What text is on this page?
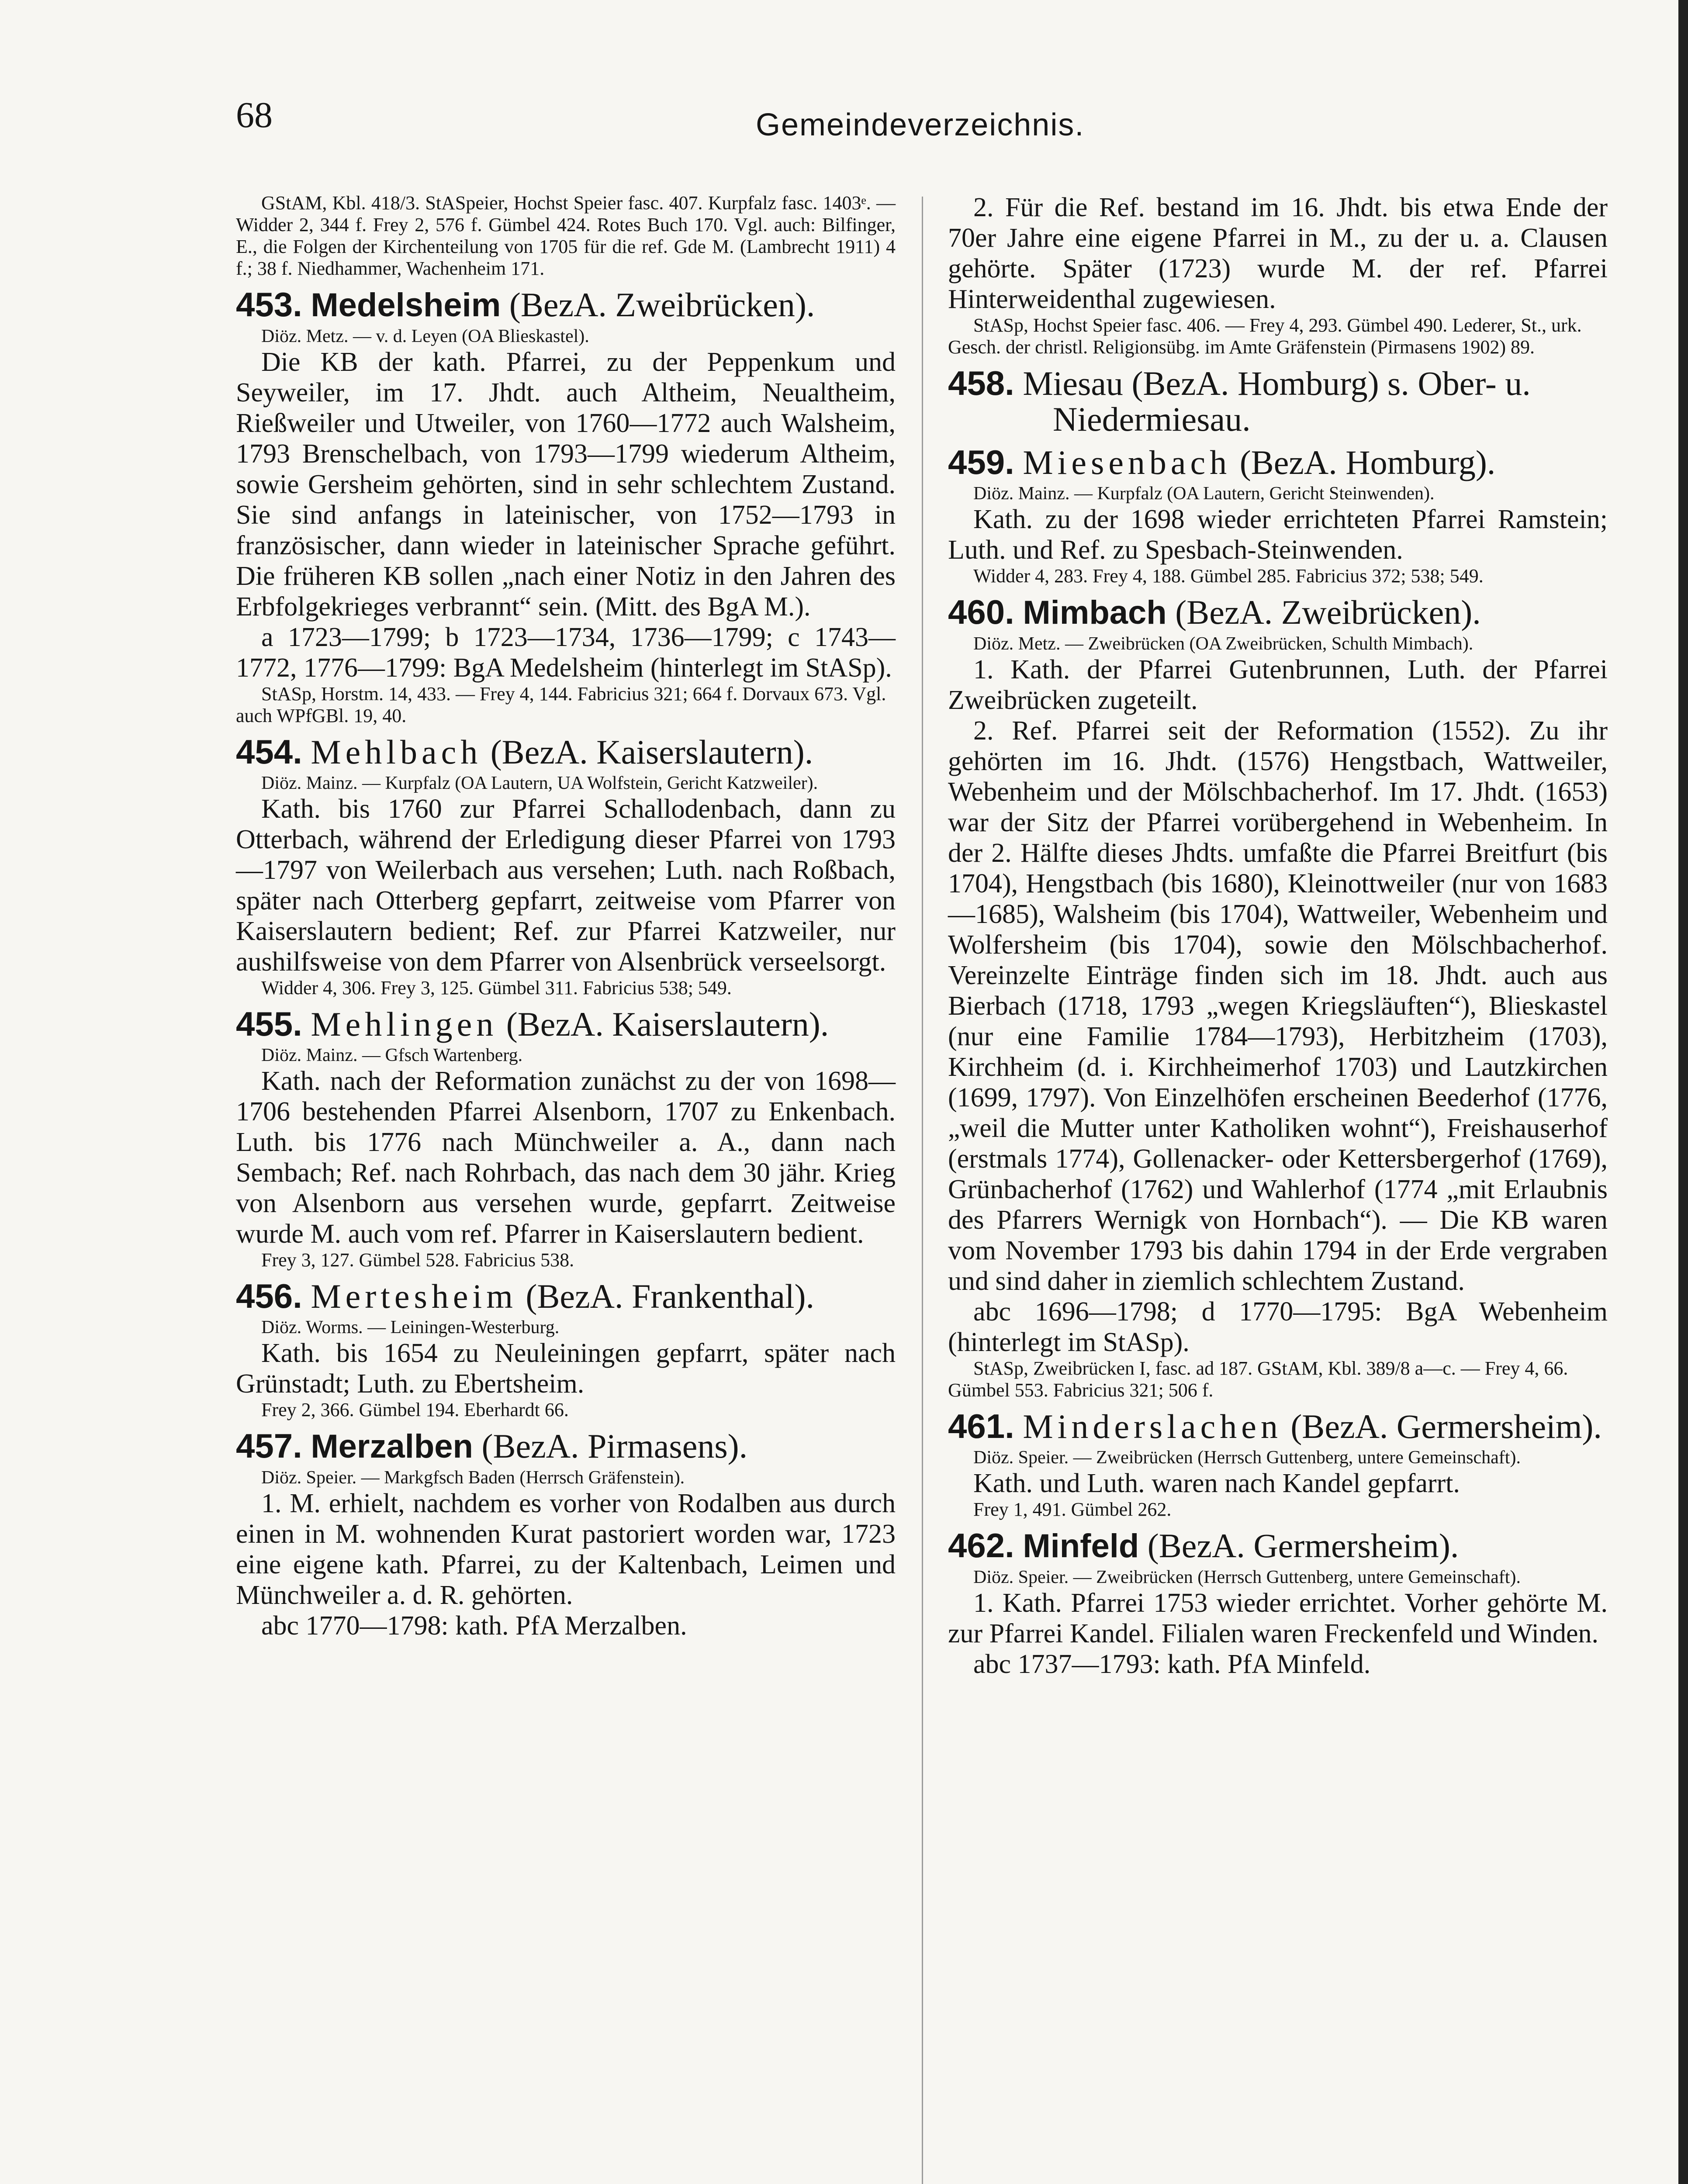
68	Gemeindeverzeichnis.

GStAM, Kbl. 418/3. StASpeier, Hochst Speier fasc. 407. Kurpfalz fasc. 1403ᵉ. — Widder 2, 344 f. Frey 2, 576 f. Gümbel 424. Rotes Buch 170. Vgl. auch: Bilfinger, E., die Folgen der Kirchenteilung von 1705 für die ref. Gde M. (Lambrecht 1911) 4 f.; 38 f. Niedhammer, Wachenheim 171.

453. Medelsheim (BezA. Zweibrücken).

Diöz. Metz. — v. d. Leyen (OA Blieskastel).

Die KB der kath. Pfarrei, zu der Peppenkum und Seyweiler, im 17. Jhdt. auch Altheim, Neualtheim, Rießweiler und Utweiler, von 1760—1772 auch Walsheim, 1793 Brenschelbach, von 1793—1799 wiederum Altheim, sowie Gersheim gehörten, sind in sehr schlechtem Zustand. Sie sind anfangs in lateinischer, von 1752—1793 in französischer, dann wieder in lateinischer Sprache geführt. Die früheren KB sollen „nach einer Notiz in den Jahren des Erbfolgekrieges verbrannt“ sein. (Mitt. des BgA M.).

a 1723—1799; b 1723—1734, 1736—1799; c 1743—1772, 1776—1799: BgA Medelsheim (hinterlegt im StASp).

StASp, Horstm. 14, 433. — Frey 4, 144. Fabricius 321; 664 f. Dorvaux 673. Vgl. auch WPfGBl. 19, 40.

454. Mehlbach (BezA. Kaiserslautern).

Diöz. Mainz. — Kurpfalz (OA Lautern, UA Wolfstein, Gericht Katzweiler).

Kath. bis 1760 zur Pfarrei Schallodenbach, dann zu Otterbach, während der Erledigung dieser Pfarrei von 1793—1797 von Weilerbach aus versehen; Luth. nach Roßbach, später nach Otterberg gepfarrt, zeitweise vom Pfarrer von Kaiserslautern bedient; Ref. zur Pfarrei Katzweiler, nur aushilfsweise von dem Pfarrer von Alsenbrück verseelsorgt.

Widder 4, 306. Frey 3, 125. Gümbel 311. Fabricius 538; 549.

455. Mehlingen (BezA. Kaiserslautern).

Diöz. Mainz. — Gfsch Wartenberg.

Kath. nach der Reformation zunächst zu der von 1698—1706 bestehenden Pfarrei Alsenborn, 1707 zu Enkenbach. Luth. bis 1776 nach Münchweiler a. A., dann nach Sembach; Ref. nach Rohrbach, das nach dem 30 jähr. Krieg von Alsenborn aus versehen wurde, gepfarrt. Zeitweise wurde M. auch vom ref. Pfarrer in Kaiserslautern bedient.

Frey 3, 127. Gümbel 528. Fabricius 538.

456. Mertesheim (BezA. Frankenthal).

Diöz. Worms. — Leiningen-Westerburg.

Kath. bis 1654 zu Neuleiningen gepfarrt, später nach Grünstadt; Luth. zu Ebertsheim.

Frey 2, 366. Gümbel 194. Eberhardt 66.

457. Merzalben (BezA. Pirmasens).

Diöz. Speier. — Markgfsch Baden (Herrsch Gräfenstein).

1. M. erhielt, nachdem es vorher von Rodalben aus durch einen in M. wohnenden Kurat pastoriert worden war, 1723 eine eigene kath. Pfarrei, zu der Kaltenbach, Leimen und Münchweiler a. d. R. gehörten.

abc 1770—1798: kath. PfA Merzalben.

2. Für die Ref. bestand im 16. Jhdt. bis etwa Ende der 70er Jahre eine eigene Pfarrei in M., zu der u. a. Clausen gehörte. Später (1723) wurde M. der ref. Pfarrei Hinterweidenthal zugewiesen.

StASp, Hochst Speier fasc. 406. — Frey 4, 293. Gümbel 490. Lederer, St., urk. Gesch. der christl. Religionsübg. im Amte Gräfenstein (Pirmasens 1902) 89.

458. Miesau (BezA. Homburg) s. Ober- u. Niedermiesau.

459. Miesenbach (BezA. Homburg).

Diöz. Mainz. — Kurpfalz (OA Lautern, Gericht Steinwenden).

Kath. zu der 1698 wieder errichteten Pfarrei Ramstein; Luth. und Ref. zu Spesbach-Steinwenden.

Widder 4, 283. Frey 4, 188. Gümbel 285. Fabricius 372; 538; 549.

460. Mimbach (BezA. Zweibrücken).

Diöz. Metz. — Zweibrücken (OA Zweibrücken, Schulth Mimbach).

1. Kath. der Pfarrei Gutenbrunnen, Luth. der Pfarrei Zweibrücken zugeteilt.

2. Ref. Pfarrei seit der Reformation (1552). Zu ihr gehörten im 16. Jhdt. (1576) Hengstbach, Wattweiler, Webenheim und der Mölschbacherhof. Im 17. Jhdt. (1653) war der Sitz der Pfarrei vorübergehend in Webenheim. In der 2. Hälfte dieses Jhdts. umfaßte die Pfarrei Breitfurt (bis 1704), Hengstbach (bis 1680), Kleinottweiler (nur von 1683—1685), Walsheim (bis 1704), Wattweiler, Webenheim und Wolfersheim (bis 1704), sowie den Mölschbacherhof. Vereinzelte Einträge finden sich im 18. Jhdt. auch aus Bierbach (1718, 1793 „wegen Kriegsläuften“), Blieskastel (nur eine Familie 1784—1793), Herbitzheim (1703), Kirchheim (d. i. Kirchheimerhof 1703) und Lautzkirchen (1699, 1797). Von Einzelhöfen erscheinen Beederhof (1776, „weil die Mutter unter Katholiken wohnt“), Freishauserhof (erstmals 1774), Gollenacker- oder Kettersbergerhof (1769), Grünbacherhof (1762) und Wahlerhof (1774 „mit Erlaubnis des Pfarrers Wernigk von Hornbach“). — Die KB waren vom November 1793 bis dahin 1794 in der Erde vergraben und sind daher in ziemlich schlechtem Zustand.

abc 1696—1798; d 1770—1795: BgA Webenheim (hinterlegt im StASp).

StASp, Zweibrücken I, fasc. ad 187. GStAM, Kbl. 389/8 a—c. — Frey 4, 66. Gümbel 553. Fabricius 321; 506 f.

461. Minderslachen (BezA. Germersheim).

Diöz. Speier. — Zweibrücken (Herrsch Guttenberg, untere Gemeinschaft).

Kath. und Luth. waren nach Kandel gepfarrt.

Frey 1, 491. Gümbel 262.

462. Minfeld (BezA. Germersheim).

Diöz. Speier. — Zweibrücken (Herrsch Guttenberg, untere Gemeinschaft).

1. Kath. Pfarrei 1753 wieder errichtet. Vorher gehörte M. zur Pfarrei Kandel. Filialen waren Freckenfeld und Winden.

abc 1737—1793: kath. PfA Minfeld.
